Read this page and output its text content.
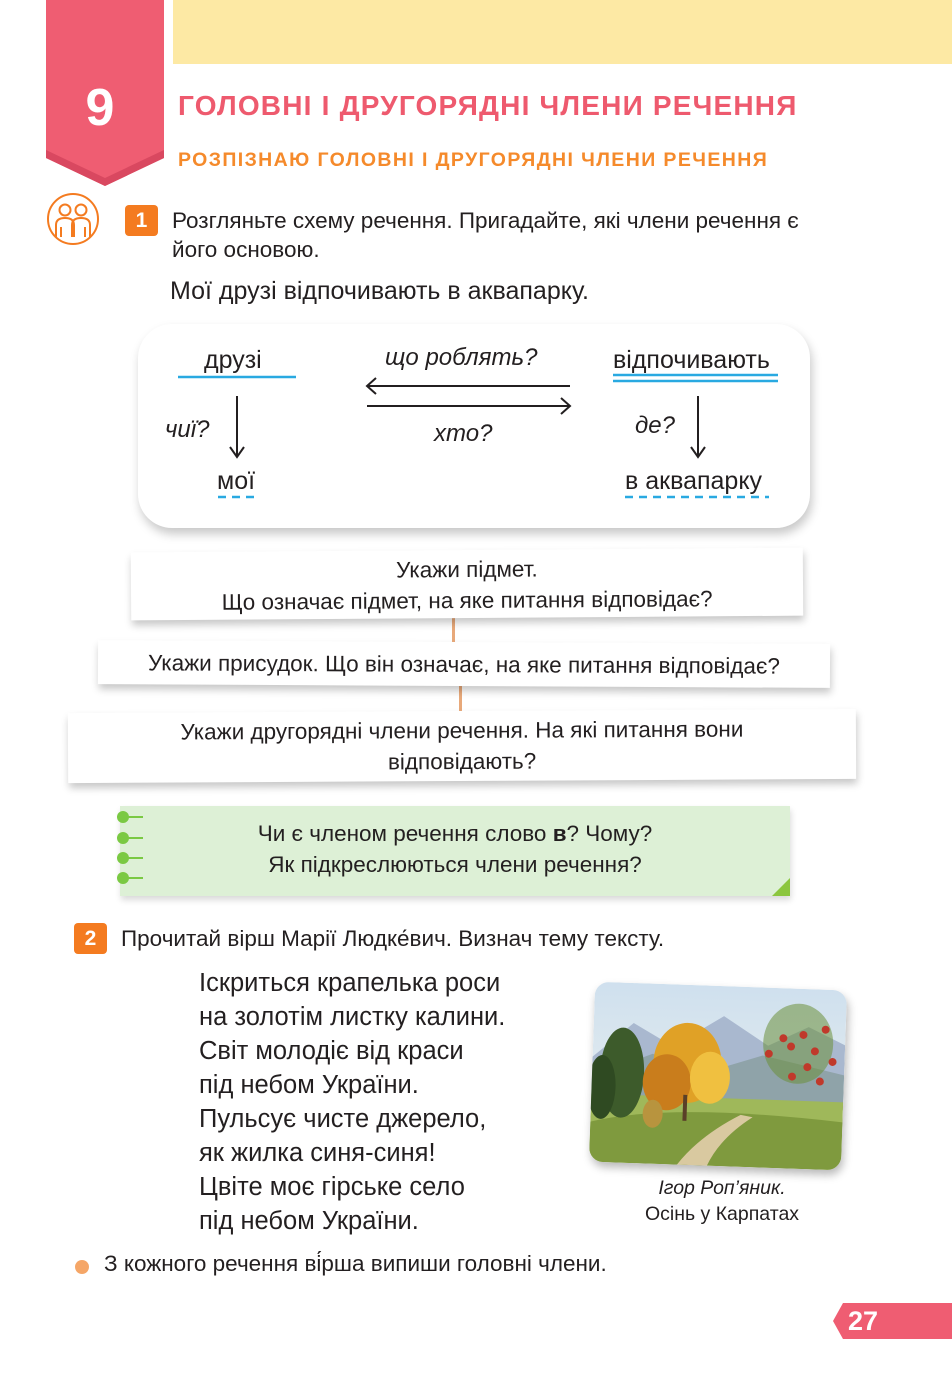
9	ГОЛОВНІ І ДРУГОРЯДНІ ЧЛЕНИ РЕЧЕННЯ
РОЗПІЗНАЮ ГОЛОВНІ І ДРУГОРЯДНІ ЧЛЕНИ РЕЧЕННЯ
1	Розгляньте схему речення. Пригадайте, які члени речення є
його основою.
Мої друзі відпочивають в аквапарку.
друзі	що роблять?	відпочивають
чиї?	хто?	де?
мої	в аквапарку
Укажи підмет.
Що означає підмет, на яке питання відповідає?
Укажи присудок. Що він означає, на яке питання відповідає?
Укажи другорядні члени речення. На які питання вони
відповідають?
Чи є членом речення слово в? Чому?
Як підкреслюються члени речення?
2	Прочитай вірш Марії Людке́вич. Визнач тему тексту.
Іскриться крапелька роси
на золотім листку калини.
Світ молодіє від краси
під небом України.
Пульсує чисте джерело,
як жилка синя-синя!
Цвіте моє гірське село
під небом України.
Ігор Роп’яник.
Осінь у Карпатах
З кожного речення ві́рша випиши головні члени.
27
